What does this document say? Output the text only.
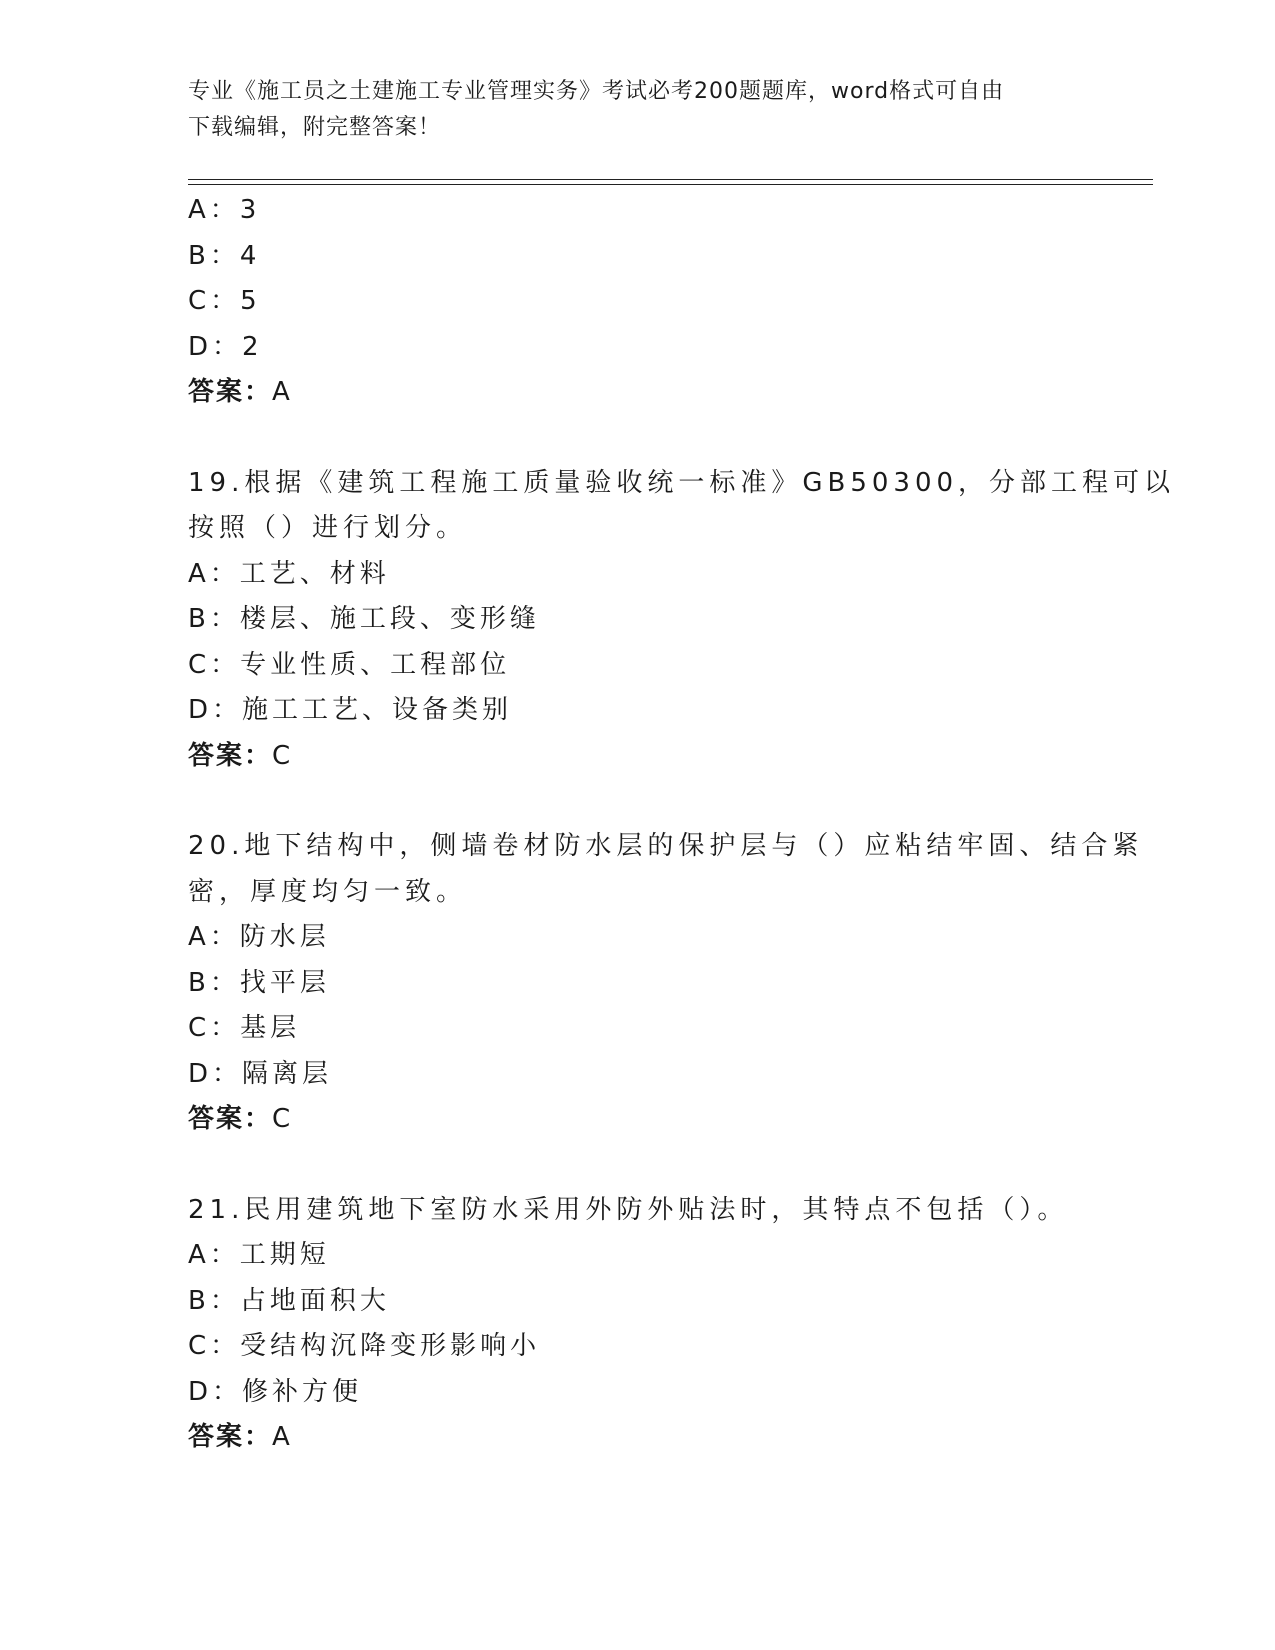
专业《施工员之土建施工专业管理实务》考试必考200题题库，word格式可自由
下载编辑，附完整答案！
A：3
B：4
C：5
D：2
答案：A
19.根据《建筑工程施工质量验收统一标准》GB50300，分部工程可以
按照（）进行划分。
A：工艺、材料
B：楼层、施工段、变形缝
C：专业性质、工程部位
D：施工工艺、设备类别
答案：C
20.地下结构中，侧墙卷材防水层的保护层与（）应粘结牢固、结合紧
密，厚度均匀一致。
A：防水层
B：找平层
C：基层
D：隔离层
答案：C
21.民用建筑地下室防水采用外防外贴法时，其特点不包括（）。
A：工期短
B：占地面积大
C：受结构沉降变形影响小
D：修补方便
答案：A
